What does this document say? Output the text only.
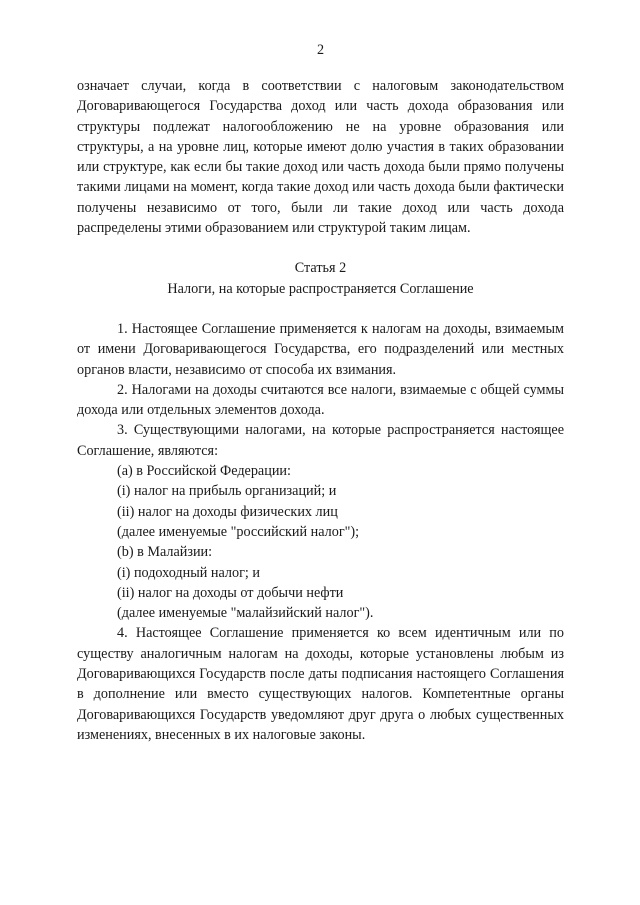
2

означает случаи, когда в соответствии с налоговым законодательством Договаривающегося Государства доход или часть дохода образования или структуры подлежат налогообложению не на уровне образования или структуры, а на уровне лиц, которые имеют долю участия в таких образовании или структуре, как если бы такие доход или часть дохода были прямо получены такими лицами на момент, когда такие доход или часть дохода были фактически получены независимо от того, были ли такие доход или часть дохода распределены этими образованием или структурой таким лицам.

Статья 2
Налоги, на которые распространяется Соглашение

1. Настоящее Соглашение применяется к налогам на доходы, взимаемым от имени Договаривающегося Государства, его подразделений или местных органов власти, независимо от способа их взимания.

2. Налогами на доходы считаются все налоги, взимаемые с общей суммы дохода или отдельных элементов дохода.

3. Существующими налогами, на которые распространяется настоящее Соглашение, являются:

(a) в Российской Федерации:

(i) налог на прибыль организаций; и

(ii) налог на доходы физических лиц

(далее именуемые "российский налог");

(b) в Малайзии:

(i) подоходный налог; и

(ii) налог на доходы от добычи нефти

(далее именуемые "малайзийский налог").

4. Настоящее Соглашение применяется ко всем идентичным или по существу аналогичным налогам на доходы, которые установлены любым из Договаривающихся Государств после даты подписания настоящего Соглашения в дополнение или вместо существующих налогов. Компетентные органы Договаривающихся Государств уведомляют друг друга о любых существенных изменениях, внесенных в их налоговые законы.
